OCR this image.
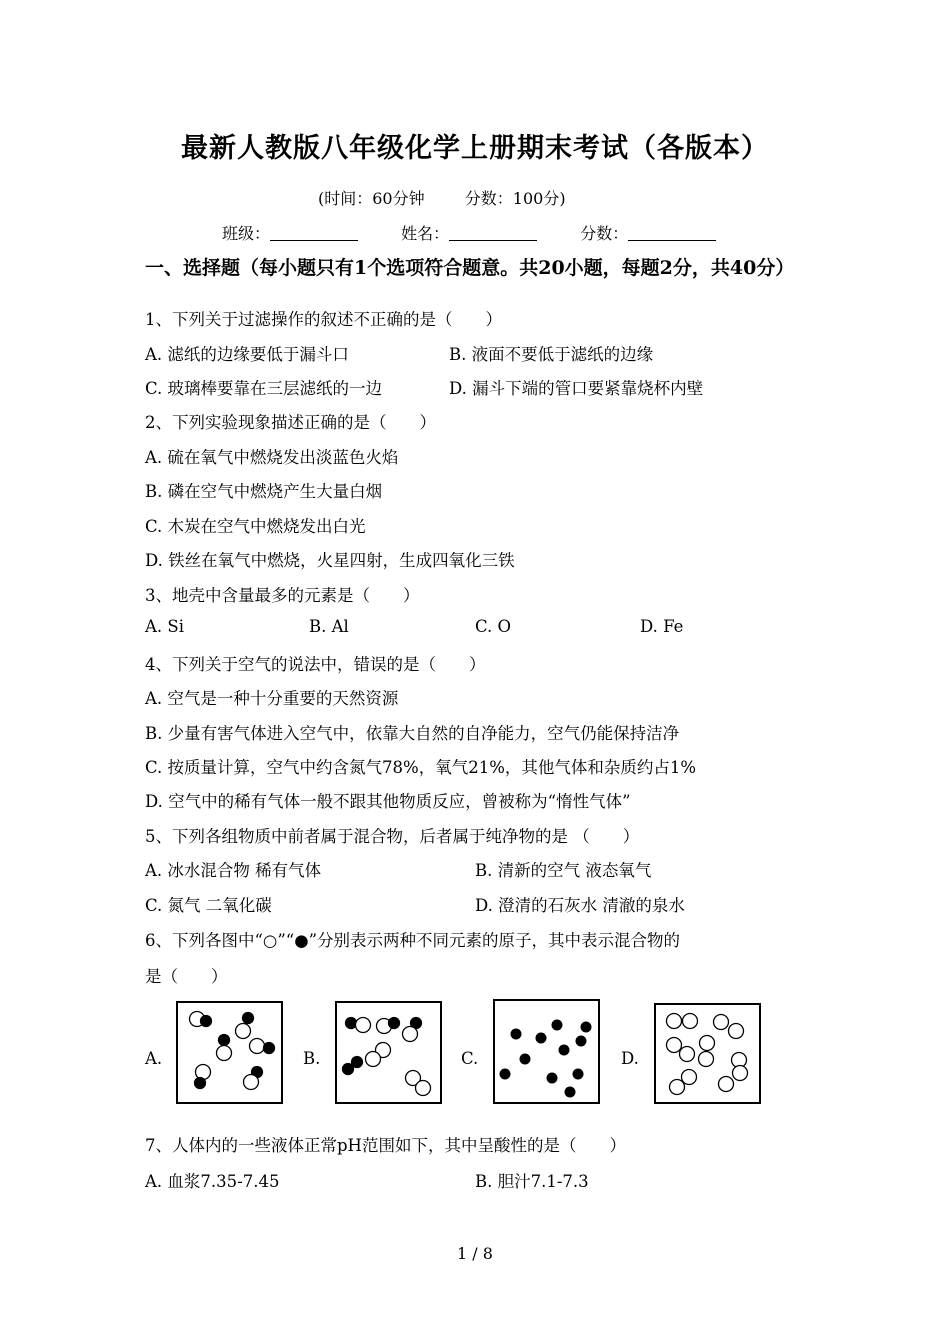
最新人教版八年级化学上册期末考试（各版本）
(时间：60分钟	分数：100分)
班级：	姓名：	分数：
一、选择题（每小题只有1个选项符合题意。共20小题，每题2分，共40分）
1、下列关于过滤操作的叙述不正确的是（　　）
A. 滤纸的边缘要低于漏斗口	B. 液面不要低于滤纸的边缘
C. 玻璃棒要靠在三层滤纸的一边	D. 漏斗下端的管口要紧靠烧杯内壁
2、下列实验现象描述正确的是（　　）
A. 硫在氧气中燃烧发出淡蓝色火焰
B. 磷在空气中燃烧产生大量白烟
C. 木炭在空气中燃烧发出白光
D. 铁丝在氧气中燃烧，火星四射，生成四氧化三铁
3、地壳中含量最多的元素是（　　）
A. Si	B. Al	C. O	D. Fe
4、下列关于空气的说法中，错误的是（　　）
A. 空气是一种十分重要的天然资源
B. 少量有害气体进入空气中，依靠大自然的自净能力，空气仍能保持洁净
C. 按质量计算，空气中约含氮气78%，氧气21%，其他气体和杂质约占1%
D. 空气中的稀有气体一般不跟其他物质反应，曾被称为“惰性气体”
5、下列各组物质中前者属于混合物，后者属于纯净物的是 （　　）
A. 冰水混合物 稀有气体	B. 清新的空气 液态氧气
C. 氮气 二氧化碳	D. 澄清的石灰水 清澈的泉水
6、下列各图中“○”“●”分别表示两种不同元素的原子，其中表示混合物的
是（　　）
A.	B.	C.	D.
7、人体内的一些液体正常pH范围如下，其中呈酸性的是（　　）
A. 血浆7.35-7.45	B. 胆汁7.1-7.3
1 / 8
